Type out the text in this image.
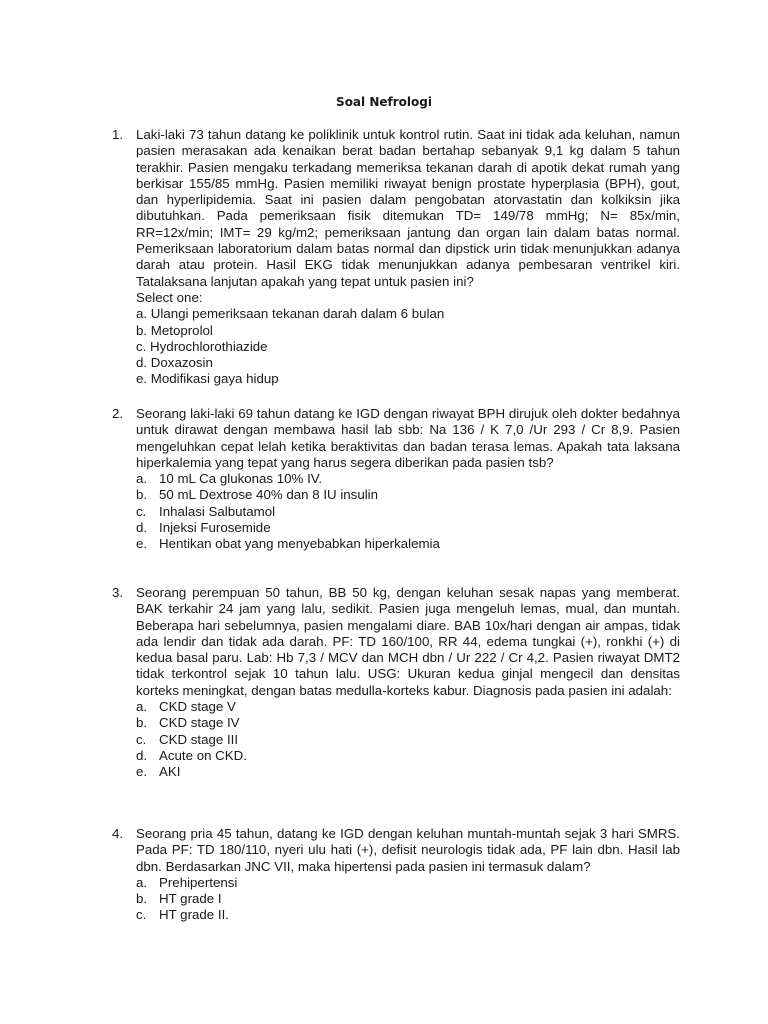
Soal Nefrologi
1. Laki-laki 73 tahun datang ke poliklinik untuk kontrol rutin. Saat ini tidak ada keluhan, namun pasien merasakan ada kenaikan berat badan bertahap sebanyak 9,1 kg dalam 5 tahun terakhir. Pasien mengaku terkadang memeriksa tekanan darah di apotik dekat rumah yang berkisar 155/85 mmHg. Pasien memiliki riwayat benign prostate hyperplasia (BPH), gout, dan hyperlipidemia. Saat ini pasien dalam pengobatan atorvastatin dan kolkiksin jika dibutuhkan. Pada pemeriksaan fisik ditemukan TD= 149/78 mmHg; N= 85x/min, RR=12x/min; IMT= 29 kg/m2; pemeriksaan jantung dan organ lain dalam batas normal. Pemeriksaan laboratorium dalam batas normal dan dipstick urin tidak menunjukkan adanya darah atau protein. Hasil EKG tidak menunjukkan adanya pembesaran ventrikel kiri. Tatalaksana lanjutan apakah yang tepat untuk pasien ini?

Select one:

a. Ulangi pemeriksaan tekanan darah dalam 6 bulan
b. Metoprolol
c. Hydrochlorothiazide
d. Doxazosin
e. Modifikasi gaya hidup
2. Seorang laki-laki 69 tahun datang ke IGD dengan riwayat BPH dirujuk oleh dokter bedahnya untuk dirawat dengan membawa hasil lab sbb: Na 136 / K 7,0 /Ur 293 / Cr 8,9. Pasien mengeluhkan cepat lelah ketika beraktivitas dan badan terasa lemas. Apakah tata laksana hiperkalemia yang tepat yang harus segera diberikan pada pasien tsb?

a. 10 mL Ca glukonas 10% IV.
b. 50 mL Dextrose 40% dan 8 IU insulin
c. Inhalasi Salbutamol
d. Injeksi Furosemide
e. Hentikan obat yang menyebabkan hiperkalemia
3. Seorang perempuan 50 tahun, BB 50 kg, dengan keluhan sesak napas yang memberat. BAK terkahir 24 jam yang lalu, sedikit. Pasien juga mengeluh lemas, mual, dan muntah. Beberapa hari sebelumnya, pasien mengalami diare. BAB 10x/hari dengan air ampas, tidak ada lendir dan tidak ada darah. PF: TD 160/100, RR 44, edema tungkai (+), ronkhi (+) di kedua basal paru. Lab: Hb 7,3 / MCV dan MCH dbn / Ur 222 / Cr 4,2. Pasien riwayat DMT2 tidak terkontrol sejak 10 tahun lalu. USG: Ukuran kedua ginjal mengecil dan densitas korteks meningkat, dengan batas medulla-korteks kabur. Diagnosis pada pasien ini adalah:

a. CKD stage V
b. CKD stage IV
c. CKD stage III
d. Acute on CKD.
e. AKI
4. Seorang pria 45 tahun, datang ke IGD dengan keluhan muntah-muntah sejak 3 hari SMRS. Pada PF: TD 180/110, nyeri ulu hati (+), defisit neurologis tidak ada, PF lain dbn. Hasil lab dbn. Berdasarkan JNC VII, maka hipertensi pada pasien ini termasuk dalam?

a. Prehipertensi
b. HT grade I
c. HT grade II.
